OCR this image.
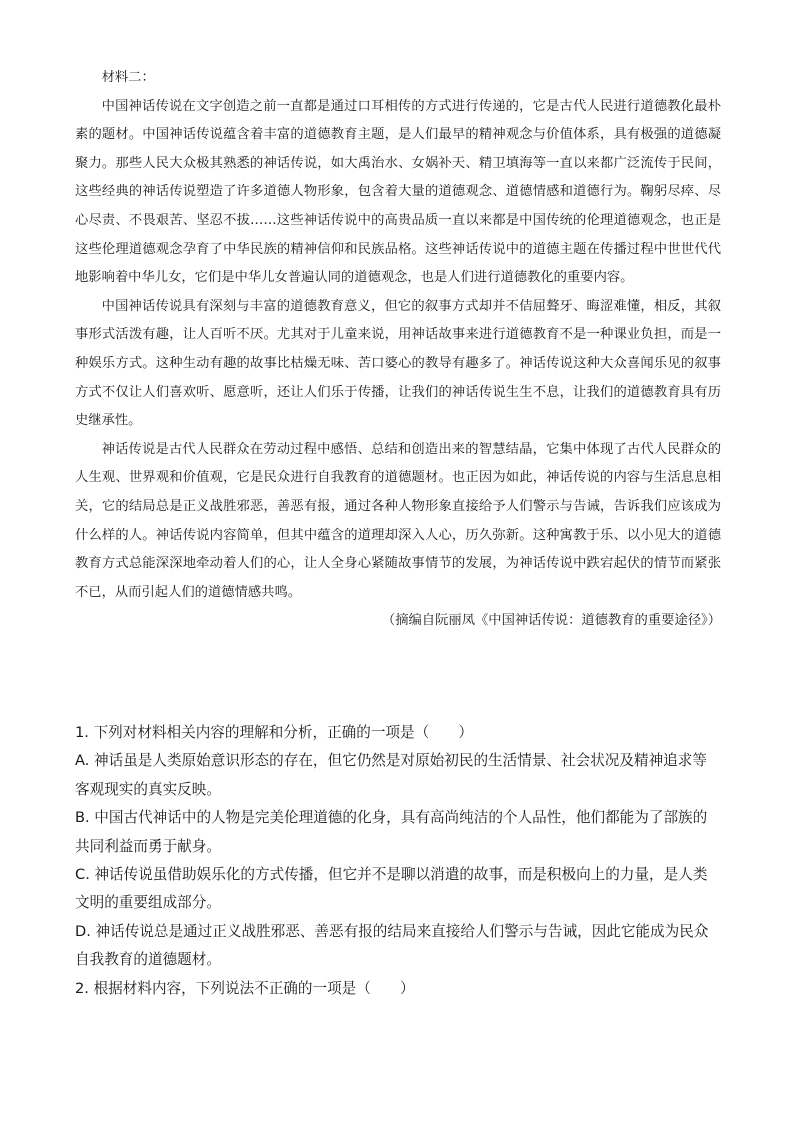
材料二：

中国神话传说在文字创造之前一直都是通过口耳相传的方式进行传递的，它是古代人民进行道德教化最朴素的题材。中国神话传说蕴含着丰富的道德教育主题，是人们最早的精神观念与价值体系，具有极强的道德凝聚力。那些人民大众极其熟悉的神话传说，如大禹治水、女娲补天、精卫填海等一直以来都广泛流传于民间，这些经典的神话传说塑造了许多道德人物形象，包含着大量的道德观念、道德情感和道德行为。鞠躬尽瘁、尽心尽责、不畏艰苦、坚忍不拔……这些神话传说中的高贵品质一直以来都是中国传统的伦理道德观念，也正是这些伦理道德观念孕育了中华民族的精神信仰和民族品格。这些神话传说中的道德主题在传播过程中世世代代地影响着中华儿女，它们是中华儿女普遍认同的道德观念，也是人们进行道德教化的重要内容。

中国神话传说具有深刻与丰富的道德教育意义，但它的叙事方式却并不佶屈聱牙、晦涩难懂，相反，其叙事形式活泼有趣，让人百听不厌。尤其对于儿童来说，用神话故事来进行道德教育不是一种课业负担，而是一种娱乐方式。这种生动有趣的故事比枯燥无味、苦口婆心的教导有趣多了。神话传说这种大众喜闻乐见的叙事方式不仅让人们喜欢听、愿意听，还让人们乐于传播，让我们的神话传说生生不息，让我们的道德教育具有历史继承性。

神话传说是古代人民群众在劳动过程中感悟、总结和创造出来的智慧结晶，它集中体现了古代人民群众的人生观、世界观和价值观，它是民众进行自我教育的道德题材。也正因为如此，神话传说的内容与生活息息相关，它的结局总是正义战胜邪恶，善恶有报，通过各种人物形象直接给予人们警示与告诫，告诉我们应该成为什么样的人。神话传说内容简单，但其中蕴含的道理却深入人心，历久弥新。这种寓教于乐、以小见大的道德教育方式总能深深地牵动着人们的心，让人全身心紧随故事情节的发展，为神话传说中跌宕起伏的情节而紧张不已，从而引起人们的道德情感共鸣。

（摘编自阮丽凤《中国神话传说：道德教育的重要途径》）

1. 下列对材料相关内容的理解和分析，正确的一项是（　　）

A. 神话虽是人类原始意识形态的存在，但它仍然是对原始初民的生活情景、社会状况及精神追求等客观现实的真实反映。

B. 中国古代神话中的人物是完美伦理道德的化身，具有高尚纯洁的个人品性，他们都能为了部族的共同利益而勇于献身。

C. 神话传说虽借助娱乐化的方式传播，但它并不是聊以消遣的故事，而是积极向上的力量，是人类文明的重要组成部分。

D. 神话传说总是通过正义战胜邪恶、善恶有报的结局来直接给人们警示与告诫，因此它能成为民众自我教育的道德题材。

2. 根据材料内容，下列说法不正确的一项是（　　）
